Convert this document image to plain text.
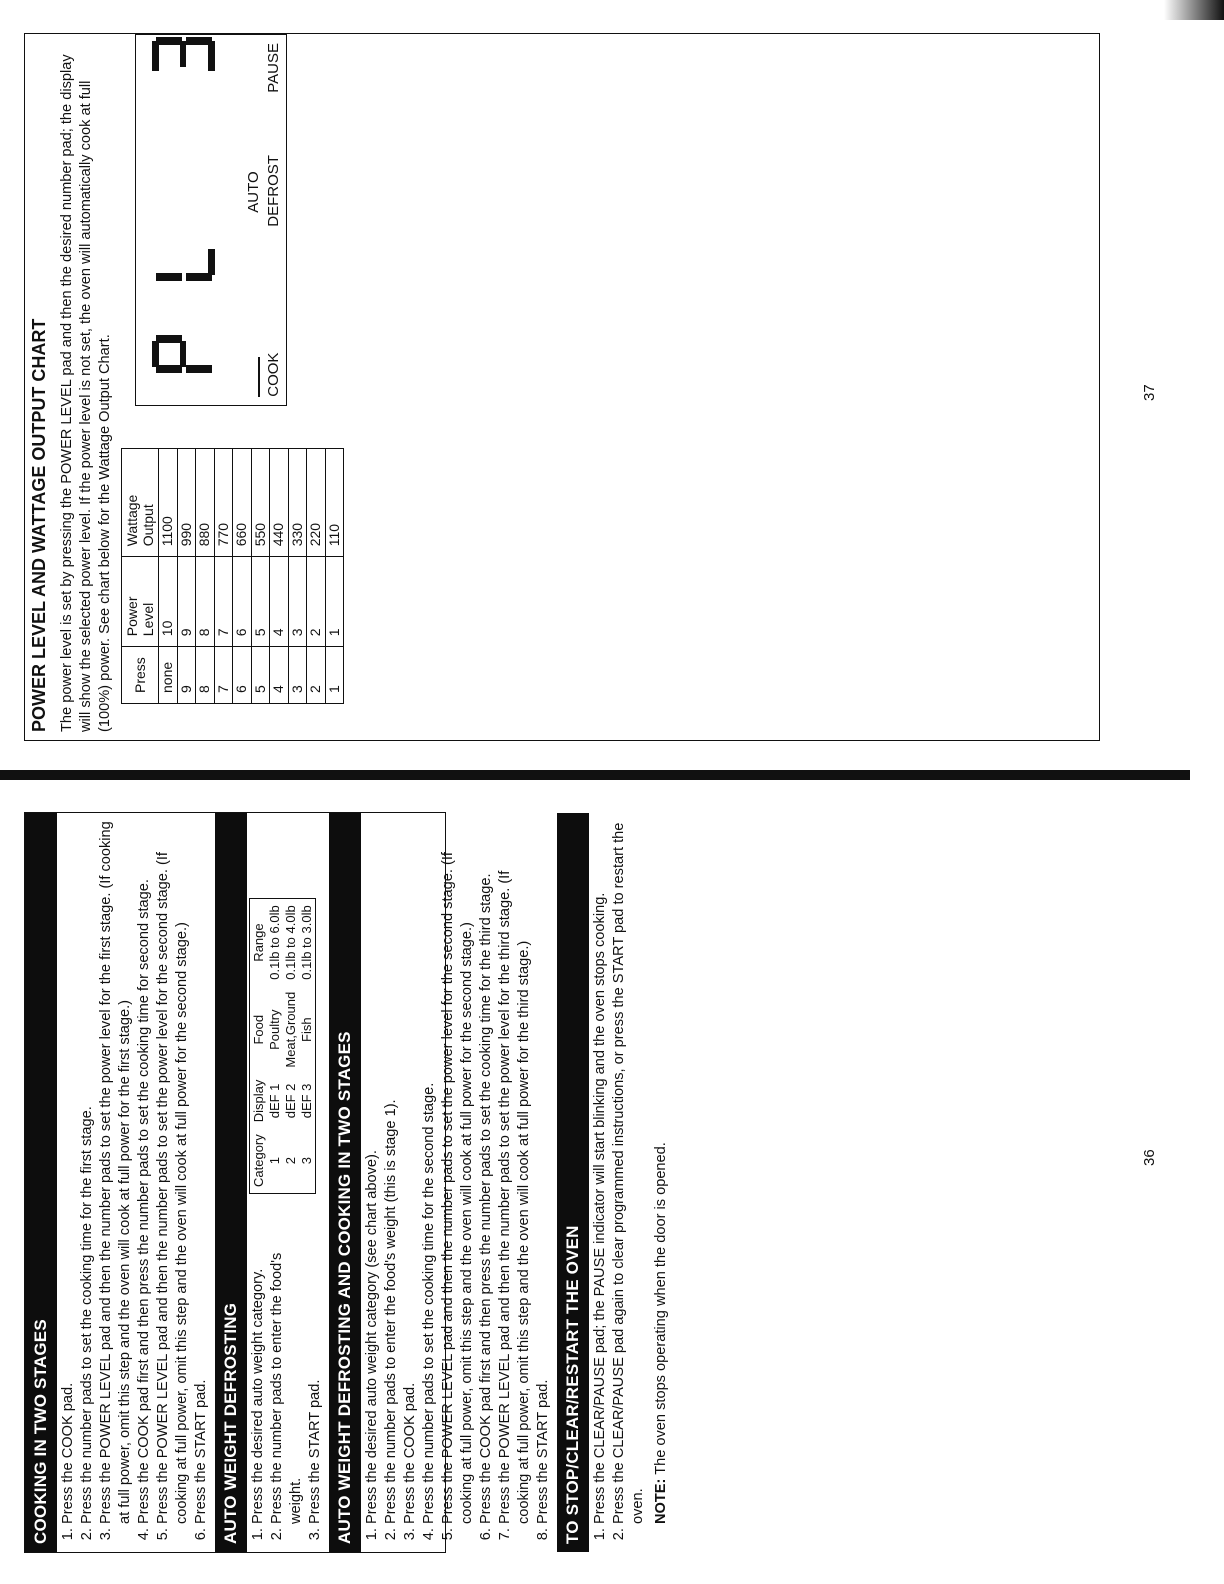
COOKING IN TWO STAGES 1. Press the COOK pad. 2. Press the number pads to set the cooking time for the first stage. 3. Press the POWER LEVEL pad and then the number pads to set the power level for the first stage. (If cooking at full power, omit this step and the oven will cook at full power for the first stage.) 4. Press the COOK pad first and then press the number pads to set the cooking time for second stage. 5. Press the POWER LEVEL pad and then the number pads to set the power level for the second stage. (If cooking at full power, omit this step and the oven will cook at full power for the second stage.) 6. Press the START pad. AUTO WEIGHT DEFROSTING 1. Press the desired auto weight category. 2. Press the number pads to enter the food's weight. 3. Press the START pad.
Category	Display	Food	Range
1	dEF 1	Poultry	0.1lb to 6.0lb
2	dEF 2	Meat,Ground	0.1lb to 4.0lb
3	dEF 3	Fish	0.1lb to 3.0lb
AUTO WEIGHT DEFROSTING AND COOKING IN TWO STAGES 1. Press the desired auto weight category (see chart above). 2. Press the number pads to enter the food's weight (this is stage 1). 3. Press the COOK pad. 4. Press the number pads to set the cooking time for the second stage. 5. Press the POWER LEVEL pad and then the number pads to set the power level for the second stage. (If cooking at full power, omit this step and the oven will cook at full power for the second stage.) 6. Press the COOK pad first and then press the number pads to set the cooking time for the third stage. 7. Press the POWER LEVEL pad and then the number pads to set the power level for the third stage. (If cooking at full power, omit this step and the oven will cook at full power for the third stage.) 8. Press the START pad. TO STOP/CLEAR/RESTART THE OVEN 1. Press the CLEAR/PAUSE pad; the PAUSE indicator will start blinking and the oven stops cooking. 2. Press the CLEAR/PAUSE pad again to clear programmed instructions, or press the START pad to restart the oven. NOTE: The oven stops operating when the door is opened.
POWER LEVEL AND WATTAGE OUTPUT CHART The power level is set by pressing the POWER LEVEL pad and then the desired number pad; the display will show the selected power level. If the power level is not set, the oven will automatically cook at full (100%) power. See chart below for the Wattage Output Chart.	Press	Power Level	Wattage Output
none	10	1100
9	9	990
8	8	880
7	7	770
6	6	660
5	5	550
4	4	440
3	3	330
2	2	220
1	1	110
COOK
AUTO DEFROST
PAUSE
36
37
